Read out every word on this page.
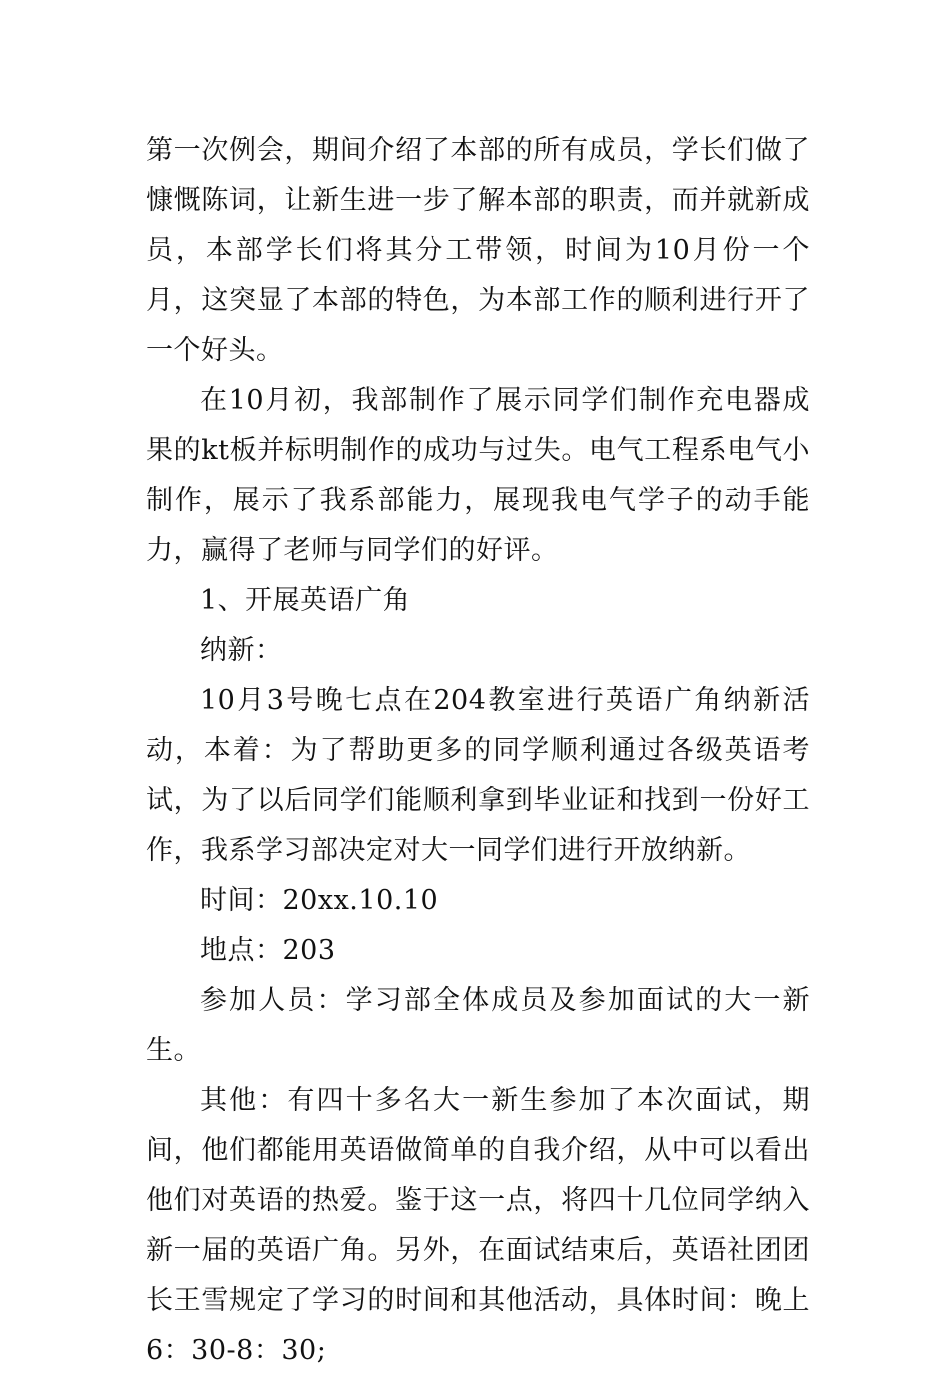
第一次例会，期间介绍了本部的所有成员，学长们做了慷慨陈词，让新生进一步了解本部的职责，而并就新成员，本部学长们将其分工带领，时间为10月份一个月，这突显了本部的特色，为本部工作的顺利进行开了一个好头。

在10月初，我部制作了展示同学们制作充电器成果的kt板并标明制作的成功与过失。电气工程系电气小制作，展示了我系部能力，展现我电气学子的动手能力，赢得了老师与同学们的好评。

1、开展英语广角

纳新：

10月3号晚七点在204教室进行英语广角纳新活动，本着：为了帮助更多的同学顺利通过各级英语考试，为了以后同学们能顺利拿到毕业证和找到一份好工作，我系学习部决定对大一同学们进行开放纳新。

时间：20xx.10.10

地点：203

参加人员：学习部全体成员及参加面试的大一新生。

其他：有四十多名大一新生参加了本次面试，期间，他们都能用英语做简单的自我介绍，从中可以看出他们对英语的热爱。鉴于这一点，将四十几位同学纳入新一届的英语广角。另外，在面试结束后，英语社团团长王雪规定了学习的时间和其他活动，具体时间：晚上 6：30-8：30;
